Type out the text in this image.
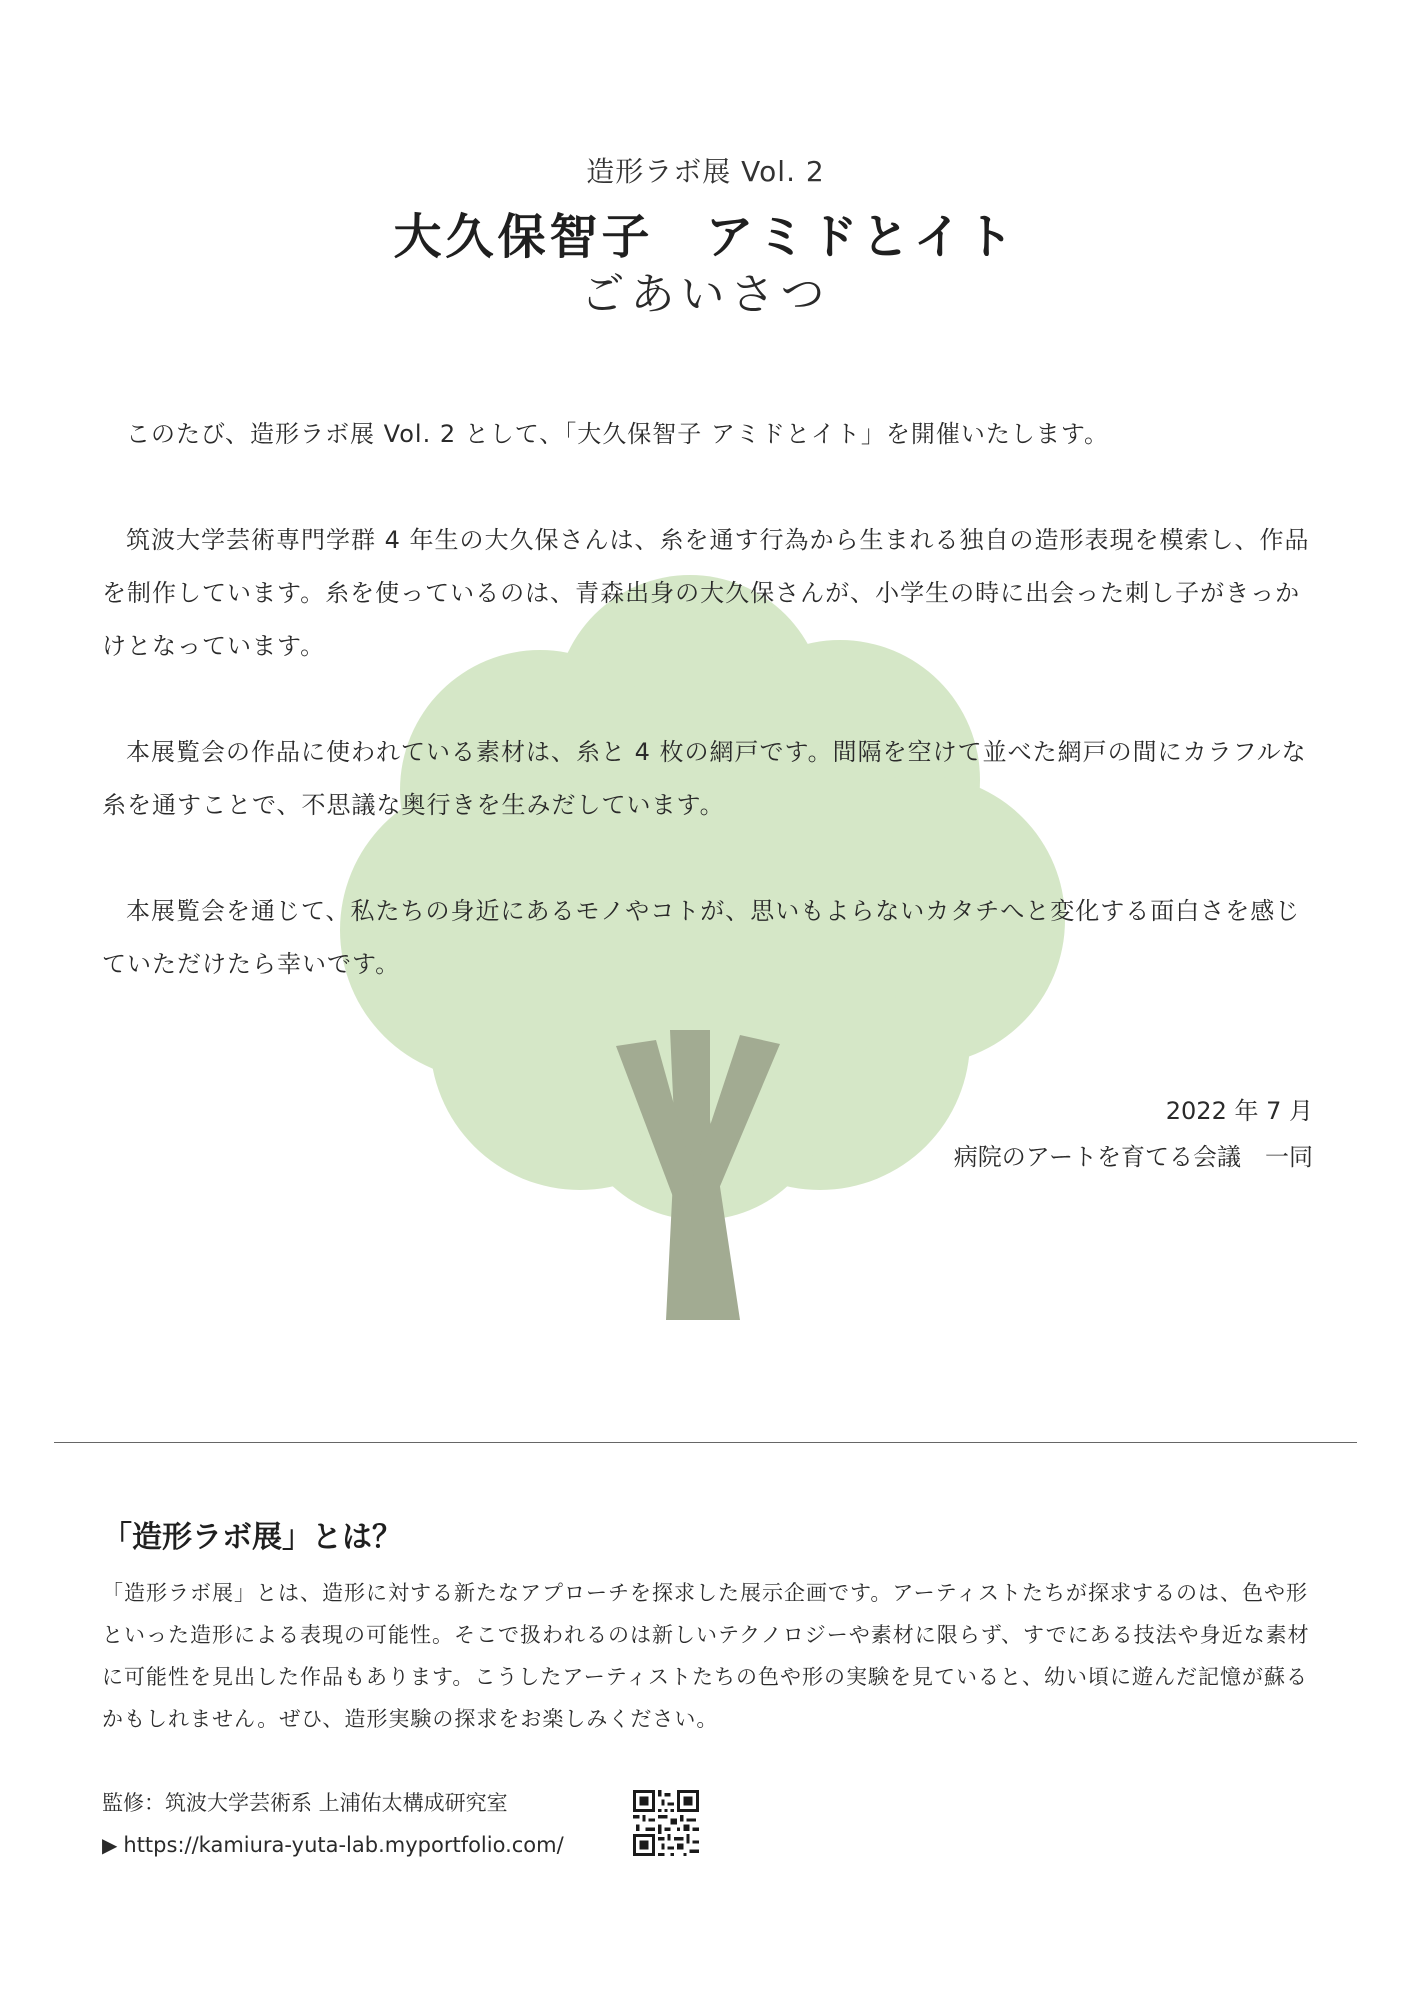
造形ラボ展 Vol. 2
大久保智子　アミドとイト
ごあいさつ

このたび、造形ラボ展 Vol. 2 として、「大久保智子 アミドとイト」を開催いたします。

筑波大学芸術専門学群 4 年生の大久保さんは、糸を通す行為から生まれる独自の造形表現を模索し、作品を制作しています。糸を使っているのは、青森出身の大久保さんが、小学生の時に出会った刺し子がきっかけとなっています。

本展覧会の作品に使われている素材は、糸と 4 枚の網戸です。間隔を空けて並べた網戸の間にカラフルな糸を通すことで、不思議な奥行きを生みだしています。

本展覧会を通じて、私たちの身近にあるモノやコトが、思いもよらないカタチへと変化する面白さを感じていただけたら幸いです。

2022 年 7 月
病院のアートを育てる会議　一同
「造形ラボ展」とは？
「造形ラボ展」とは、造形に対する新たなアプローチを探求した展示企画です。アーティストたちが探求するのは、色や形といった造形による表現の可能性。そこで扱われるのは新しいテクノロジーや素材に限らず、すでにある技法や身近な素材に可能性を見出した作品もあります。こうしたアーティストたちの色や形の実験を見ていると、幼い頃に遊んだ記憶が蘇るかもしれません。ぜひ、造形実験の探求をお楽しみください。
監修：筑波大学芸術系 上浦佑太構成研究室
▶ https://kamiura-yuta-lab.myportfolio.com/
